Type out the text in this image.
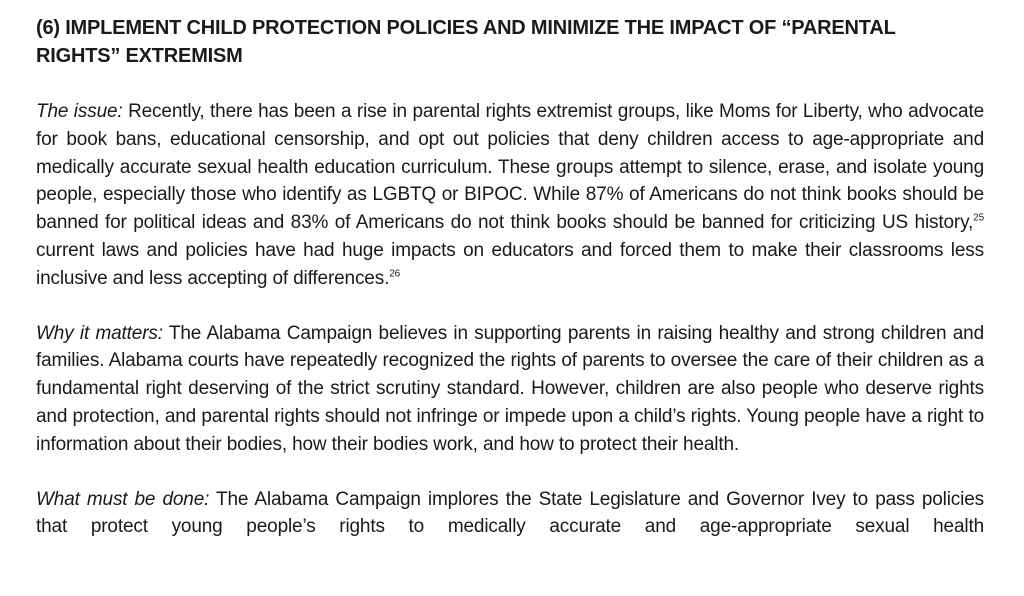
(6) IMPLEMENT CHILD PROTECTION POLICIES AND MINIMIZE THE IMPACT OF “PARENTAL RIGHTS” EXTREMISM

The issue: Recently, there has been a rise in parental rights extremist groups, like Moms for Liberty, who advocate for book bans, educational censorship, and opt out policies that deny children access to age-appropriate and medically accurate sexual health education curriculum. These groups attempt to silence, erase, and isolate young people, especially those who identify as LGBTQ or BIPOC. While 87% of Americans do not think books should be banned for political ideas and 83% of Americans do not think books should be banned for criticizing US history,$^{25}$ current laws and policies have had huge impacts on educators and forced them to make their classrooms less inclusive and less accepting of differences.$^{26}$

Why it matters: The Alabama Campaign believes in supporting parents in raising healthy and strong children and families. Alabama courts have repeatedly recognized the rights of parents to oversee the care of their children as a fundamental right deserving of the strict scrutiny standard. However, children are also people who deserve rights and protection, and parental rights should not infringe or impede upon a child’s rights. Young people have a right to information about their bodies, how their bodies work, and how to protect their health.

What must be done: The Alabama Campaign implores the State Legislature and Governor Ivey to pass policies that protect young people’s rights to medically accurate and age-appropriate sexual health
